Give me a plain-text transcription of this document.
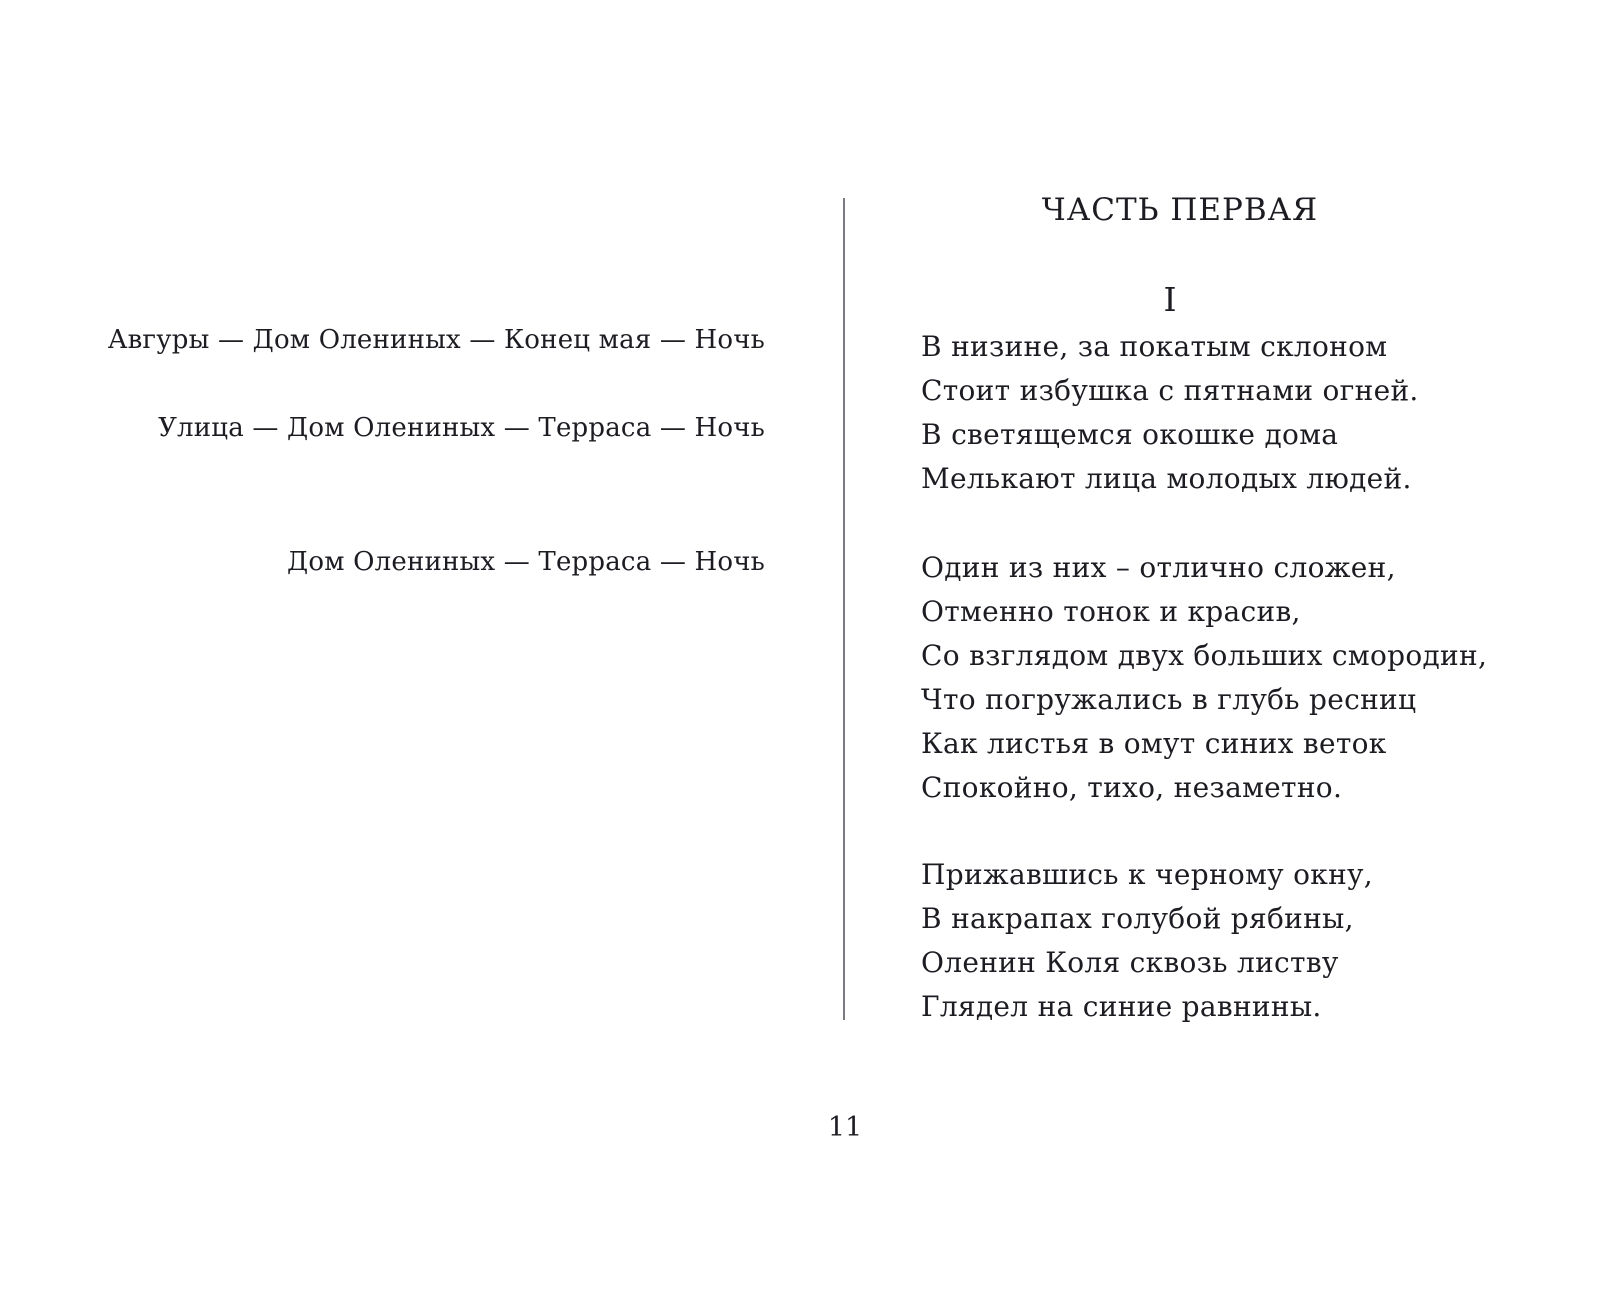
Авгуры — Дом Олениных — Конец мая — Ночь
Улица — Дом Олениных — Терраса — Ночь
Дом Олениных — Терраса — Ночь
ЧАСТЬ ПЕРВАЯ
I
В низине, за покатым склоном
Стоит избушка с пятнами огней.
В светящемся окошке дома
Мелькают лица молодых людей.
Один из них – отлично сложен,
Отменно тонок и красив,
Со взглядом двух больших смородин,
Что погружались в глубь ресниц
Как листья в омут синих веток
Спокойно, тихо, незаметно.
Прижавшись к черному окну,
В накрапах голубой рябины,
Оленин Коля сквозь листву
Глядел на синие равнины.
11
